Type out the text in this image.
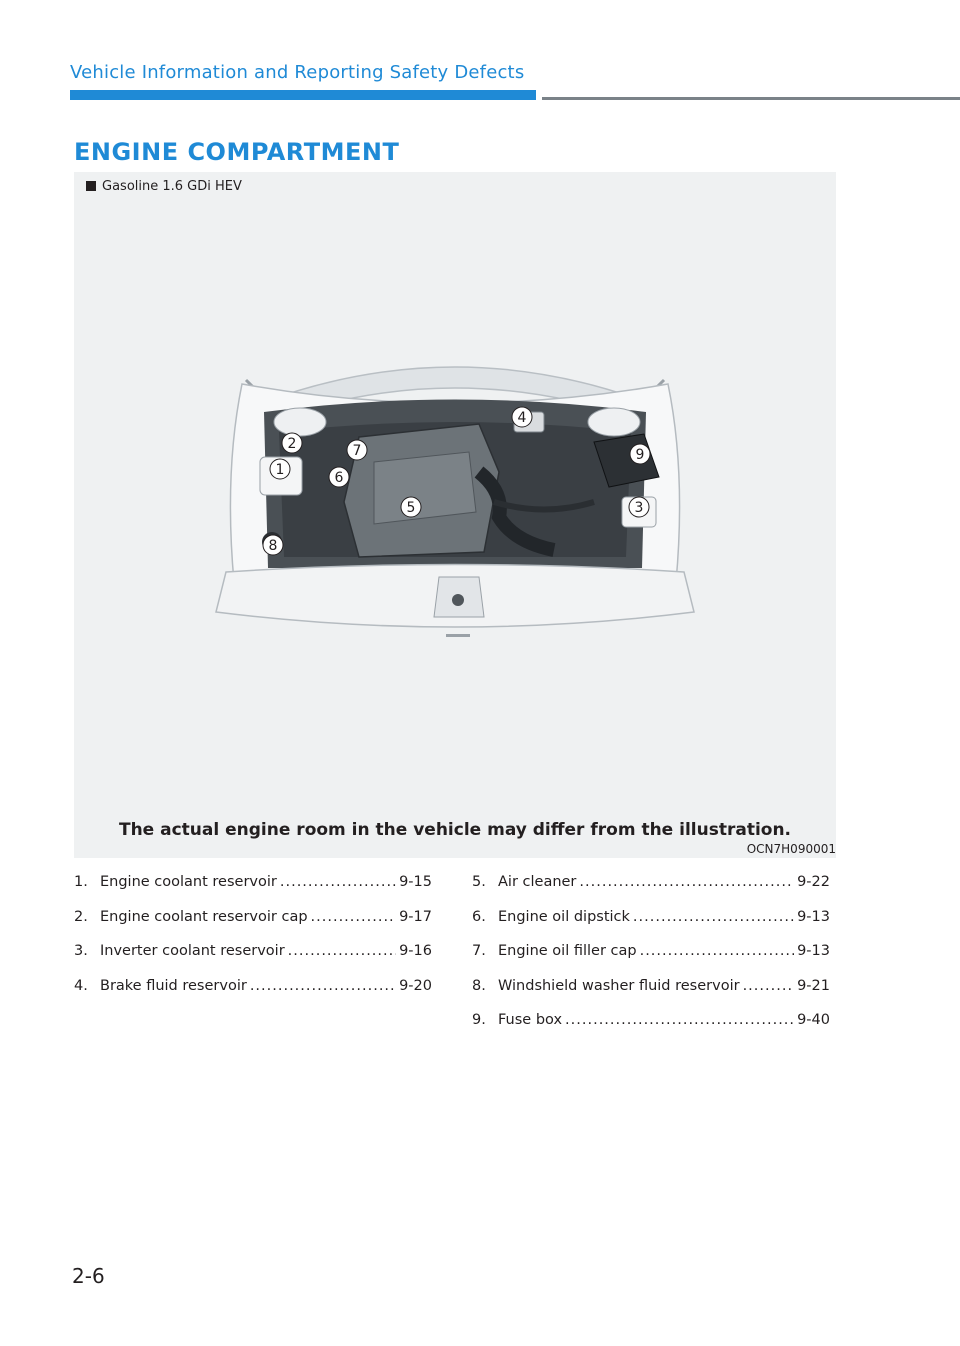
Vehicle Information and Reporting Safety Defects
ENGINE COMPARTMENT
Gasoline 1.6 GDi HEV
1
2
3
4
5
6
7
8
9
The actual engine room in the vehicle may differ from the illustration.
OCN7H090001
1. Engine coolant reservoir .....	9-15
2. Engine coolant reservoir cap .....	9-17
3. Inverter coolant reservoir .....	9-16
4. Brake fluid reservoir .....	9-20
5. Air cleaner .....	9-22
6. Engine oil dipstick .....	9-13
7. Engine oil filler cap .....	9-13
8. Windshield washer fluid reservoir .....	9-21
9. Fuse box .....	9-40
2-6
